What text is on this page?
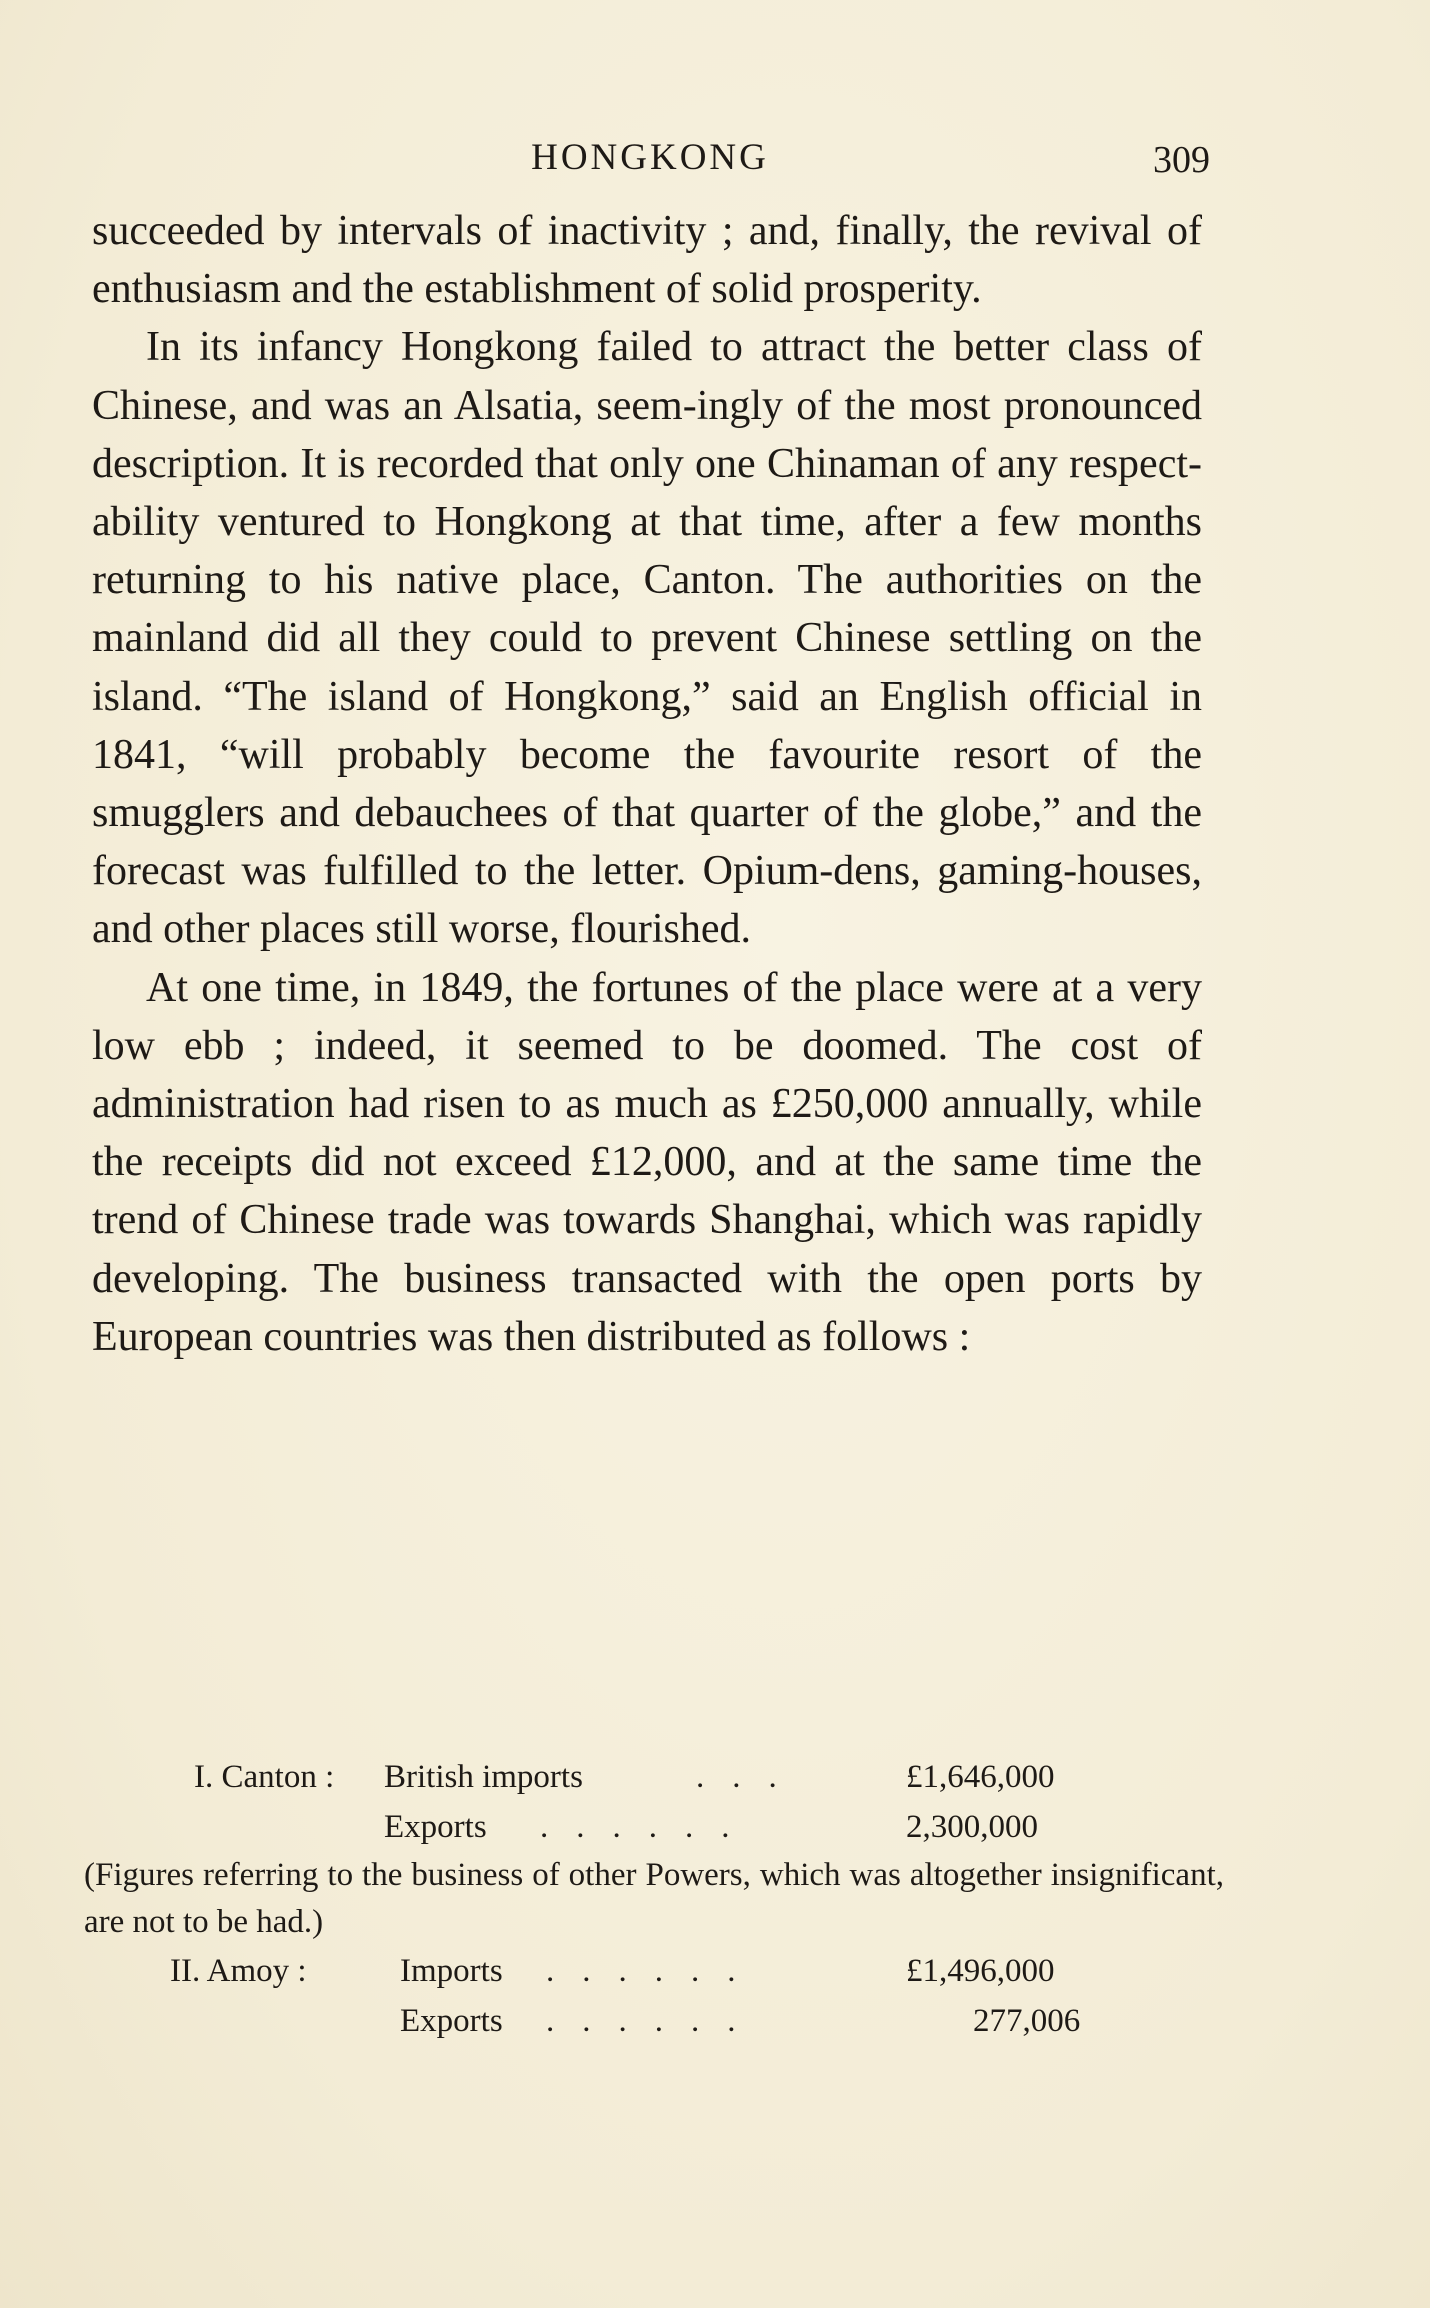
HONGKONG	309

succeeded by intervals of inactivity ; and, finally, the revival of enthusiasm and the establishment of solid prosperity.

In its infancy Hongkong failed to attract the better class of Chinese, and was an Alsatia, seem-ingly of the most pronounced description. It is recorded that only one Chinaman of any respect-ability ventured to Hongkong at that time, after a few months returning to his native place, Canton. The authorities on the mainland did all they could to prevent Chinese settling on the island. “The island of Hongkong,” said an English official in 1841, “will probably become the favourite resort of the smugglers and debauchees of that quarter of the globe,” and the forecast was fulfilled to the letter. Opium-dens, gaming-houses, and other places still worse, flourished.

At one time, in 1849, the fortunes of the place were at a very low ebb ; indeed, it seemed to be doomed. The cost of administration had risen to as much as £250,000 annually, while the receipts did not exceed £12,000, and at the same time the trend of Chinese trade was towards Shanghai, which was rapidly developing. The business transacted with the open ports by European countries was then distributed as follows :

I. Canton : British imports	...	£1,646,000
Exports ......	2,300,000

(Figures referring to the business of other Powers, which was altogether insignificant, are not to be had.)

II. Amoy :	Imports ......	£1,496,000
Exports ......	277,006
